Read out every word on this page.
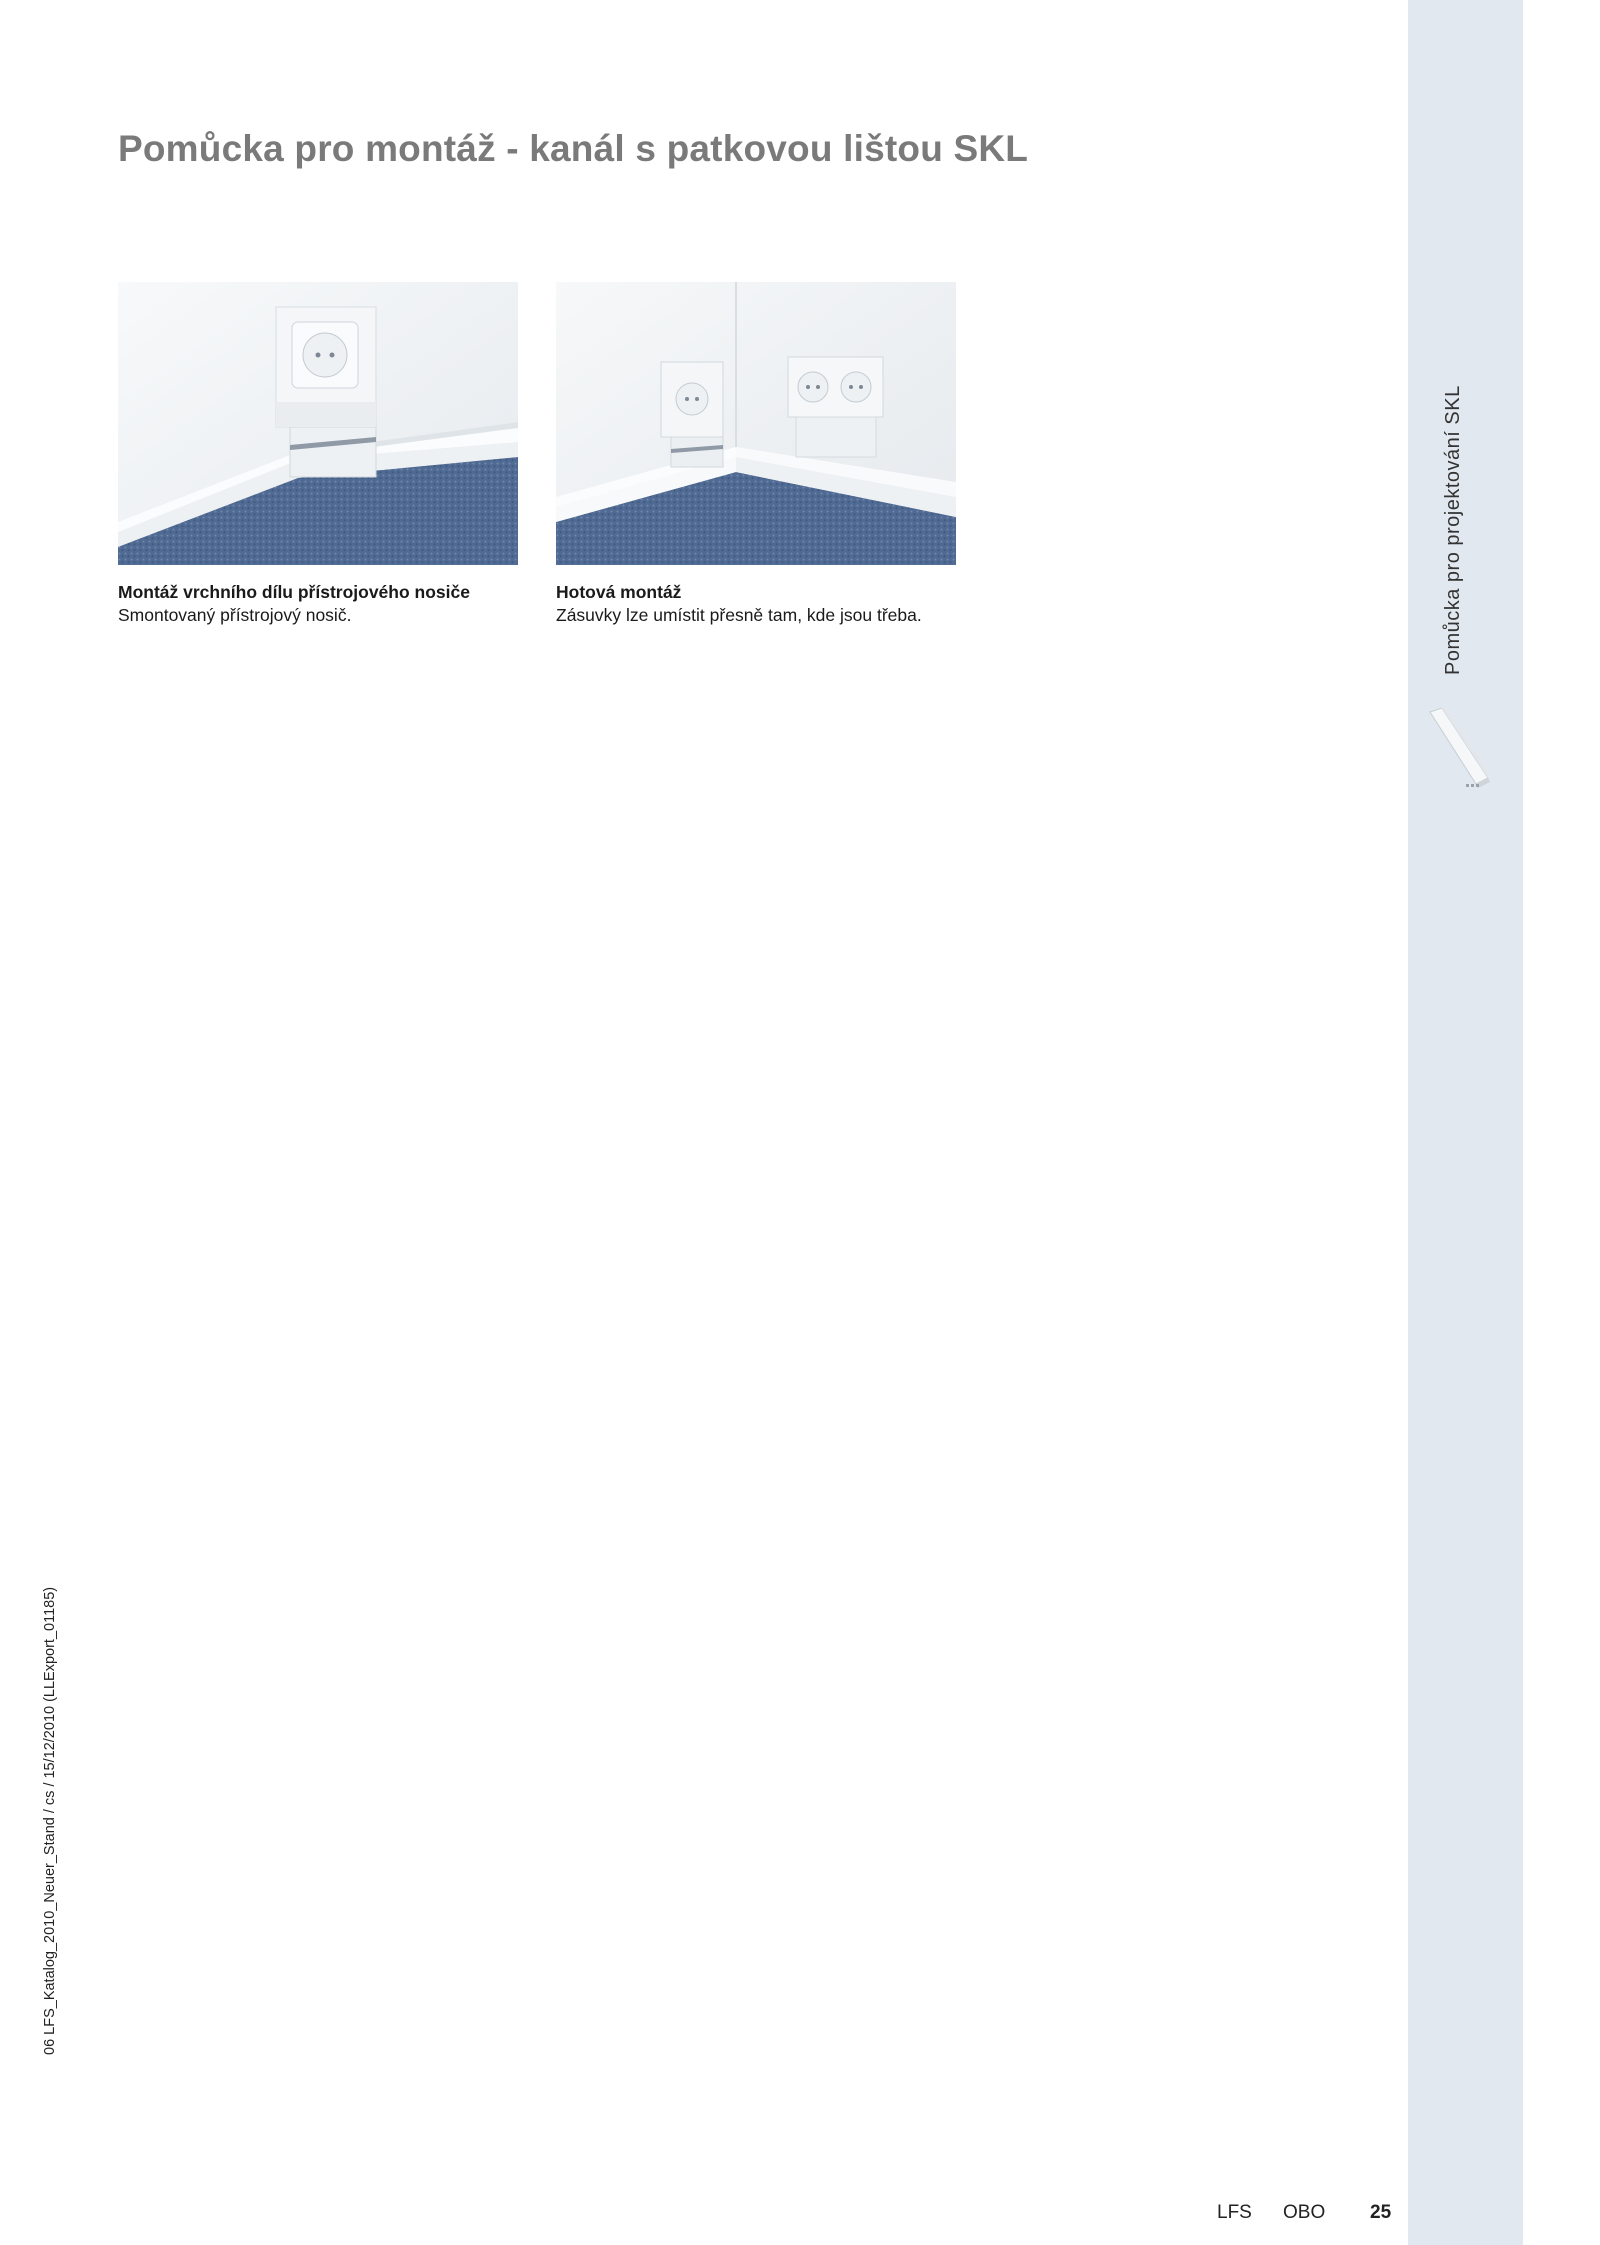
Pomůcka pro montáž - kanál s patkovou lištou SKL
Montáž vrchního dílu přístrojového nosiče
Smontovaný přístrojový nosič.
Hotová montáž
Zásuvky lze umístit přesně tam, kde jsou třeba.	Pomůcka pro projektování SKL
06 LFS_Katalog_2010_Neuer_Stand / cs / 15/12/2010 (LLExport_01185)
LFS OBO 25
